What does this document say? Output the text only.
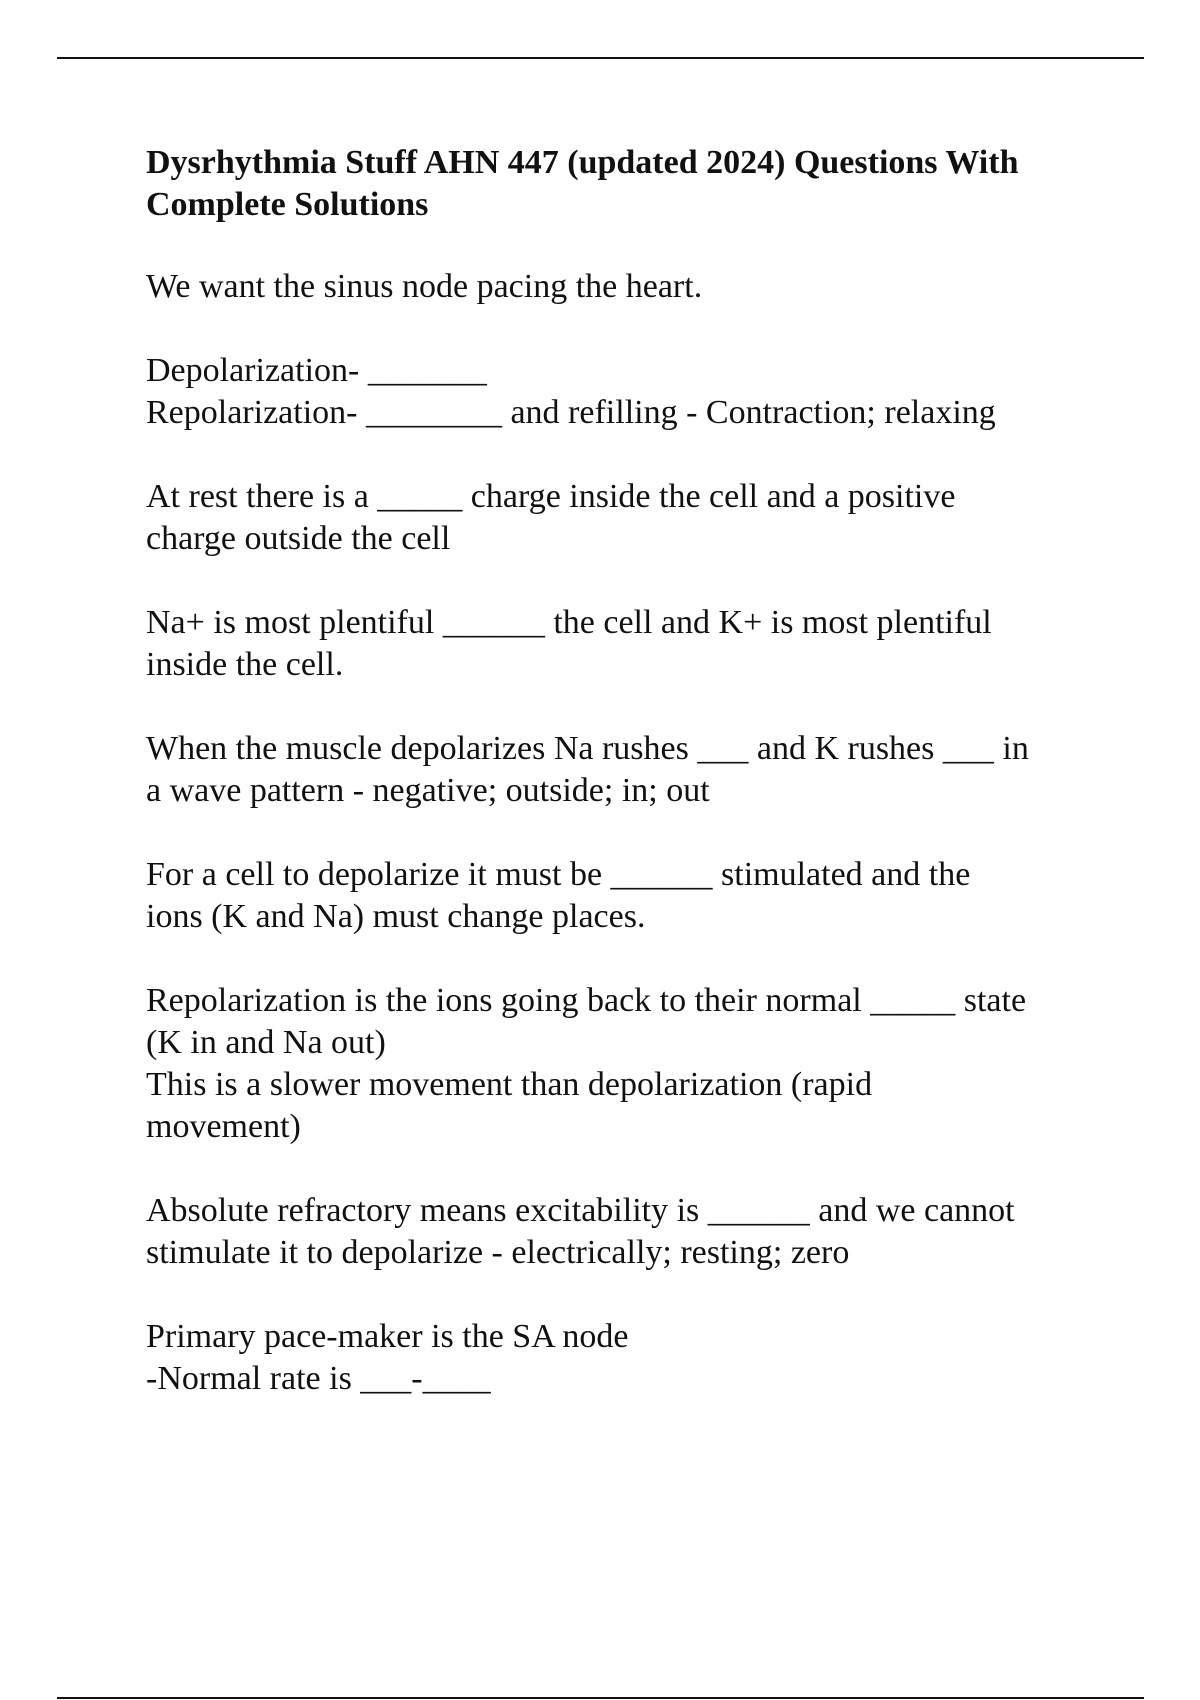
Dysrhythmia Stuff AHN 447 (updated 2024) Questions With
Complete Solutions
We want the sinus node pacing the heart.
Depolarization- _______
Repolarization- ________ and refilling - Contraction; relaxing
At rest there is a _____ charge inside the cell and a positive
charge outside the cell
Na+ is most plentiful ______ the cell and K+ is most plentiful
inside the cell.
When the muscle depolarizes Na rushes ___ and K rushes ___ in
a wave pattern - negative; outside; in; out
For a cell to depolarize it must be ______ stimulated and the
ions (K and Na) must change places.
Repolarization is the ions going back to their normal _____ state
(K in and Na out)
This is a slower movement than depolarization (rapid
movement)
Absolute refractory means excitability is ______ and we cannot
stimulate it to depolarize - electrically; resting; zero
Primary pace-maker is the SA node
-Normal rate is ___-____
